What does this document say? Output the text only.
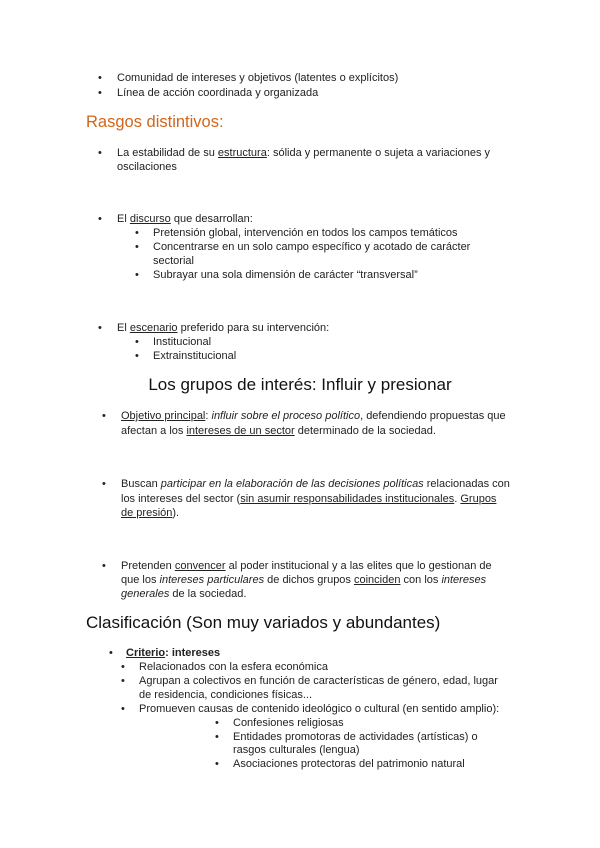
• Comunidad de intereses y objetivos (latentes o explícitos)
• Línea de acción coordinada y organizada
Rasgos distintivos:
• La estabilidad de su estructura: sólida y permanente o sujeta a variaciones y
oscilaciones
• El discurso que desarrollan:
• Pretensión global, intervención en todos los campos temáticos
• Concentrarse en un solo campo específico y acotado de carácter
sectorial
• Subrayar una sola dimensión de carácter “transversal”
• El escenario preferido para su intervención:
• Institucional
• Extrainstitucional
Los grupos de interés: Influir y presionar
• Objetivo principal: influir sobre el proceso político, defendiendo propuestas que
afectan a los intereses de un sector determinado de la sociedad.
• Buscan participar en la elaboración de las decisiones políticas relacionadas con
los intereses del sector (sin asumir responsabilidades institucionales. Grupos
de presión).
• Pretenden convencer al poder institucional y a las elites que lo gestionan de
que los intereses particulares de dichos grupos coinciden con los intereses
generales de la sociedad.
Clasificación (Son muy variados y abundantes)
• Criterio: intereses
• Relacionados con la esfera económica
• Agrupan a colectivos en función de características de género, edad, lugar
de residencia, condiciones físicas...
• Promueven causas de contenido ideológico o cultural (en sentido amplio):
• Confesiones religiosas
• Entidades promotoras de actividades (artísticas) o
rasgos culturales (lengua)
• Asociaciones protectoras del patrimonio natural
